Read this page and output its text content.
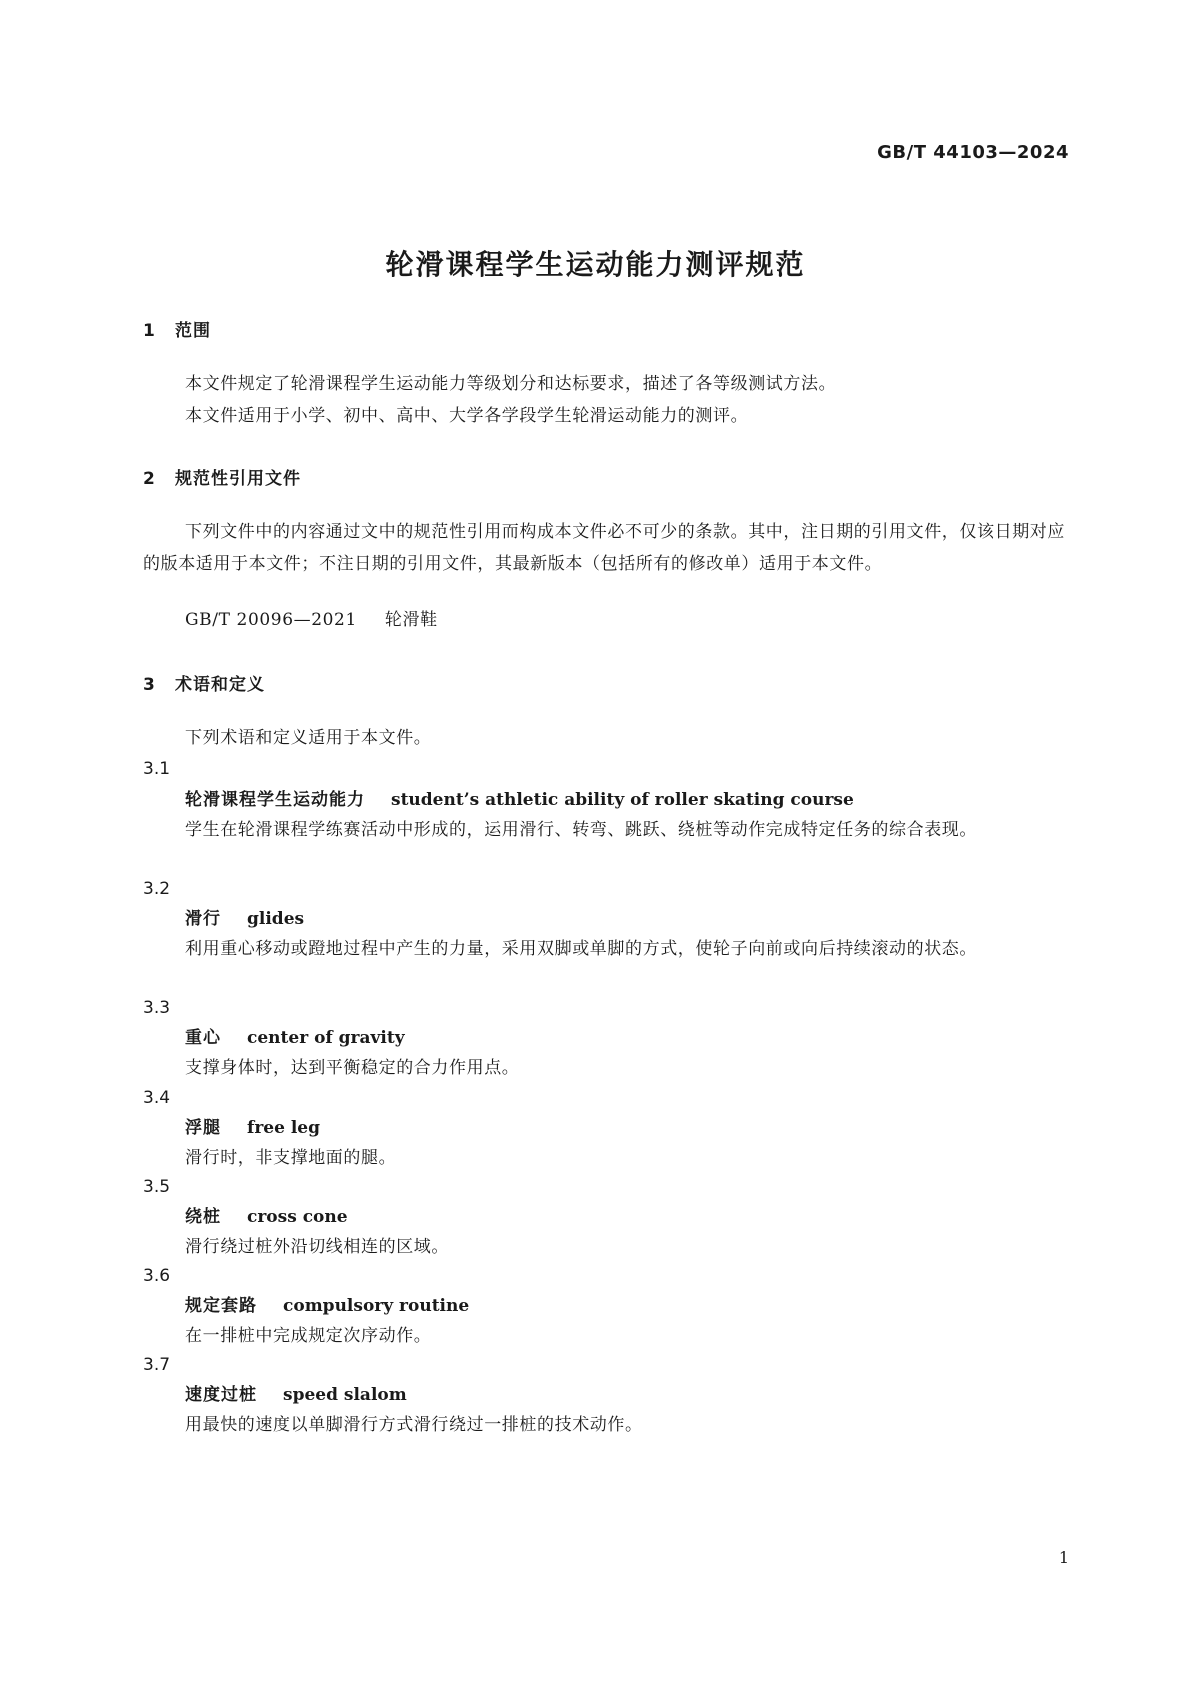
GB/T 44103—2024
轮滑课程学生运动能力测评规范
1 范围
本文件规定了轮滑课程学生运动能力等级划分和达标要求，描述了各等级测试方法。
本文件适用于小学、初中、高中、大学各学段学生轮滑运动能力的测评。
2 规范性引用文件
下列文件中的内容通过文中的规范性引用而构成本文件必不可少的条款。其中，注日期的引用文件，仅该日期对应的版本适用于本文件；不注日期的引用文件，其最新版本（包括所有的修改单）适用于本文件。
GB/T 20096—2021 轮滑鞋
3 术语和定义
下列术语和定义适用于本文件。
3.1
轮滑课程学生运动能力 student’s athletic ability of roller skating course
学生在轮滑课程学练赛活动中形成的，运用滑行、转弯、跳跃、绕桩等动作完成特定任务的综合表现。
3.2
滑行 glides
利用重心移动或蹬地过程中产生的力量，采用双脚或单脚的方式，使轮子向前或向后持续滚动的状态。
3.3
重心 center of gravity
支撑身体时，达到平衡稳定的合力作用点。
3.4
浮腿 free leg
滑行时，非支撑地面的腿。
3.5
绕桩 cross cone
滑行绕过桩外沿切线相连的区域。
3.6
规定套路 compulsory routine
在一排桩中完成规定次序动作。
3.7
速度过桩 speed slalom
用最快的速度以单脚滑行方式滑行绕过一排桩的技术动作。
1
